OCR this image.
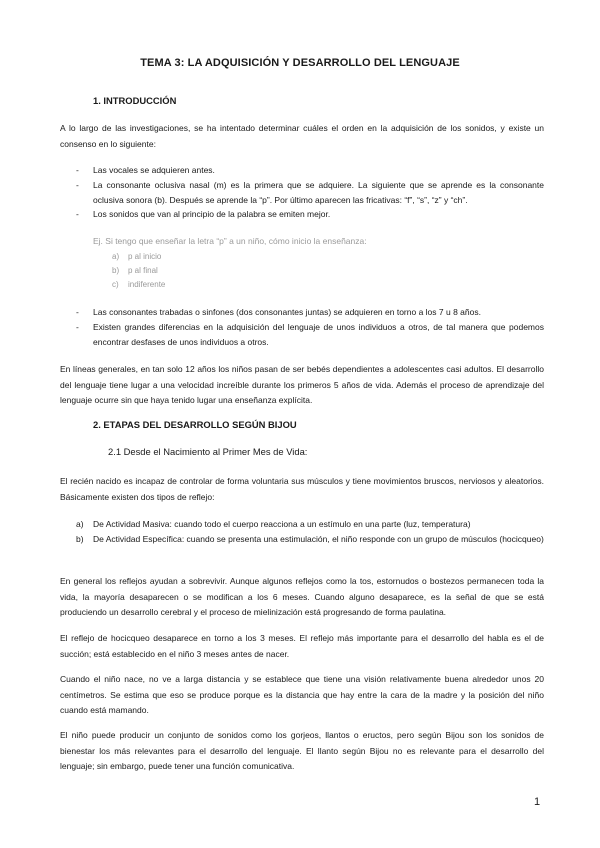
TEMA 3: LA ADQUISICIÓN Y DESARROLLO DEL LENGUAJE
1. INTRODUCCIÓN
A lo largo de las investigaciones, se ha intentado determinar cuáles el orden en la adquisición de los sonidos, y existe un consenso en lo siguiente:
- Las vocales se adquieren antes.
- La consonante oclusiva nasal (m) es la primera que se adquiere. La siguiente que se aprende es la consonante oclusiva sonora (b). Después se aprende la “p”. Por último aparecen las fricativas: “f”, “s”, “z” y “ch”.
- Los sonidos que van al principio de la palabra se emiten mejor.
Ej. Si tengo que enseñar la letra “p” a un niño, cómo inicio la enseñanza:
a) p al inicio
b) p al final
c) indiferente
- Las consonantes trabadas o sinfones (dos consonantes juntas) se adquieren en torno a los 7 u 8 años.
- Existen grandes diferencias en la adquisición del lenguaje de unos individuos a otros, de tal manera que podemos encontrar desfases de unos individuos a otros.
En líneas generales, en tan solo 12 años los niños pasan de ser bebés dependientes a adolescentes casi adultos. El desarrollo del lenguaje tiene lugar a una velocidad increíble durante los primeros 5 años de vida. Además el proceso de aprendizaje del lenguaje ocurre sin que haya tenido lugar una enseñanza explícita.
2. ETAPAS DEL DESARROLLO SEGÚN BIJOU
2.1 Desde el Nacimiento al Primer Mes de Vida:
El recién nacido es incapaz de controlar de forma voluntaria sus músculos y tiene movimientos bruscos, nerviosos y aleatorios. Básicamente existen dos tipos de reflejo:
a) De Actividad Masiva: cuando todo el cuerpo reacciona a un estímulo en una parte (luz, temperatura)
b) De Actividad Específica: cuando se presenta una estimulación, el niño responde con un grupo de músculos (hocicqueo)
En general los reflejos ayudan a sobrevivir. Aunque algunos reflejos como la tos, estornudos o bostezos permanecen toda la vida, la mayoría desaparecen o se modifican a los 6 meses. Cuando alguno desaparece, es la señal de que se está produciendo un desarrollo cerebral y el proceso de mielinización está progresando de forma paulatina.
El reflejo de hocicqueo desaparece en torno a los 3 meses. El reflejo más importante para el desarrollo del habla es el de succión; está establecido en el niño 3 meses antes de nacer.
Cuando el niño nace, no ve a larga distancia y se establece que tiene una visión relativamente buena alrededor unos 20 centímetros. Se estima que eso se produce porque es la distancia que hay entre la cara de la madre y la posición del niño cuando está mamando.
El niño puede producir un conjunto de sonidos como los gorjeos, llantos o eructos, pero según Bijou son los sonidos de bienestar los más relevantes para el desarrollo del lenguaje. El llanto según Bijou no es relevante para el desarrollo del lenguaje; sin embargo, puede tener una función comunicativa.
1
